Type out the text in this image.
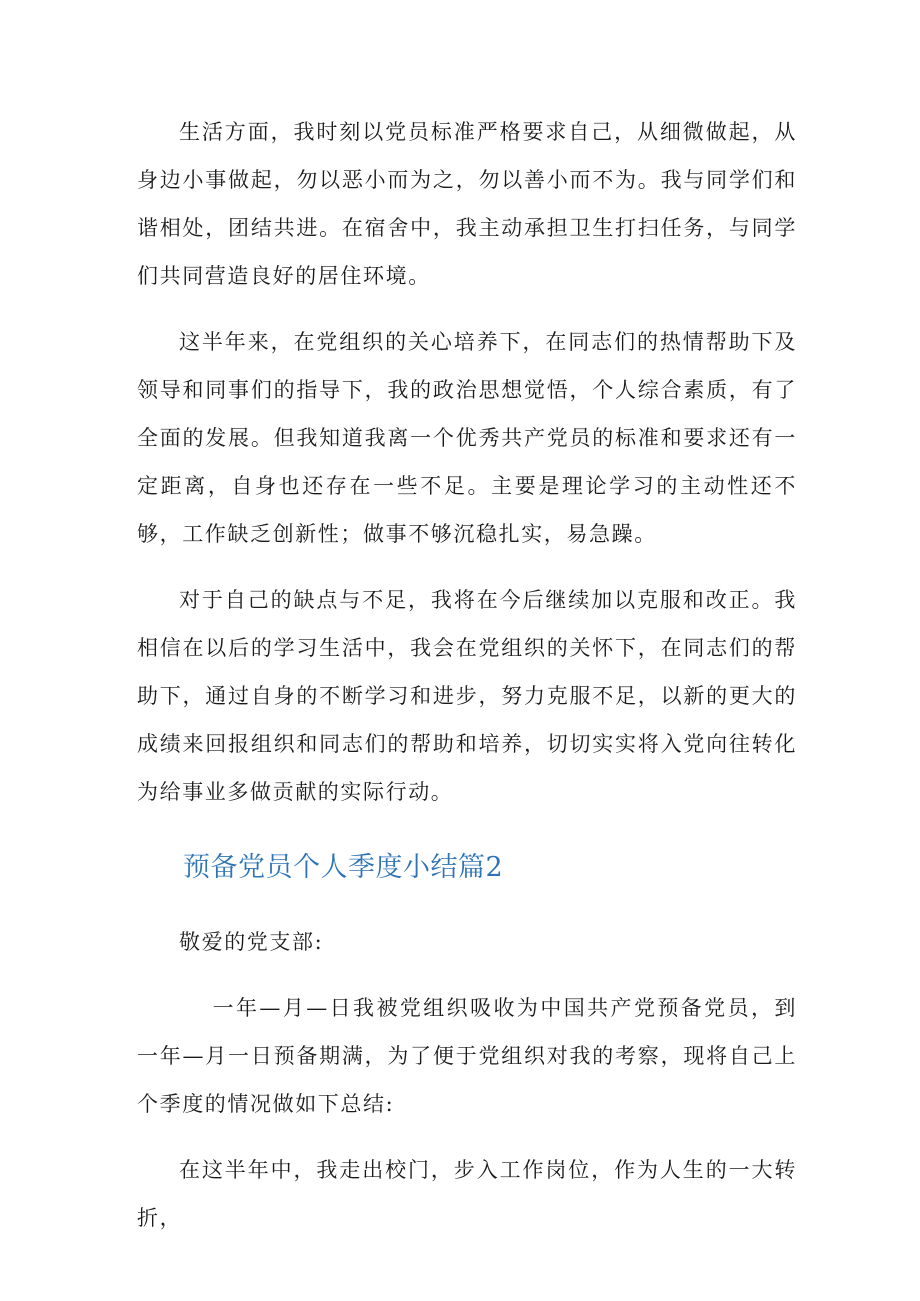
生活方面，我时刻以党员标准严格要求自己，从细微做起，从身边小事做起，勿以恶小而为之，勿以善小而不为。我与同学们和谐相处，团结共进。在宿舍中，我主动承担卫生打扫任务，与同学们共同营造良好的居住环境。

这半年来，在党组织的关心培养下，在同志们的热情帮助下及领导和同事们的指导下，我的政治思想觉悟，个人综合素质，有了全面的发展。但我知道我离一个优秀共产党员的标准和要求还有一定距离，自身也还存在一些不足。主要是理论学习的主动性还不够，工作缺乏创新性；做事不够沉稳扎实，易急躁。

对于自己的缺点与不足，我将在今后继续加以克服和改正。我相信在以后的学习生活中，我会在党组织的关怀下，在同志们的帮助下，通过自身的不断学习和进步，努力克服不足，以新的更大的成绩来回报组织和同志们的帮助和培养，切切实实将入党向往转化为给事业多做贡献的实际行动。

预备党员个人季度小结篇2

敬爱的党支部:

一年—月—日我被党组织吸收为中国共产党预备党员，到一年—月一日预备期满，为了便于党组织对我的考察，现将自己上个季度的情况做如下总结:

在这半年中，我走出校门，步入工作岗位，作为人生的一大转折，
